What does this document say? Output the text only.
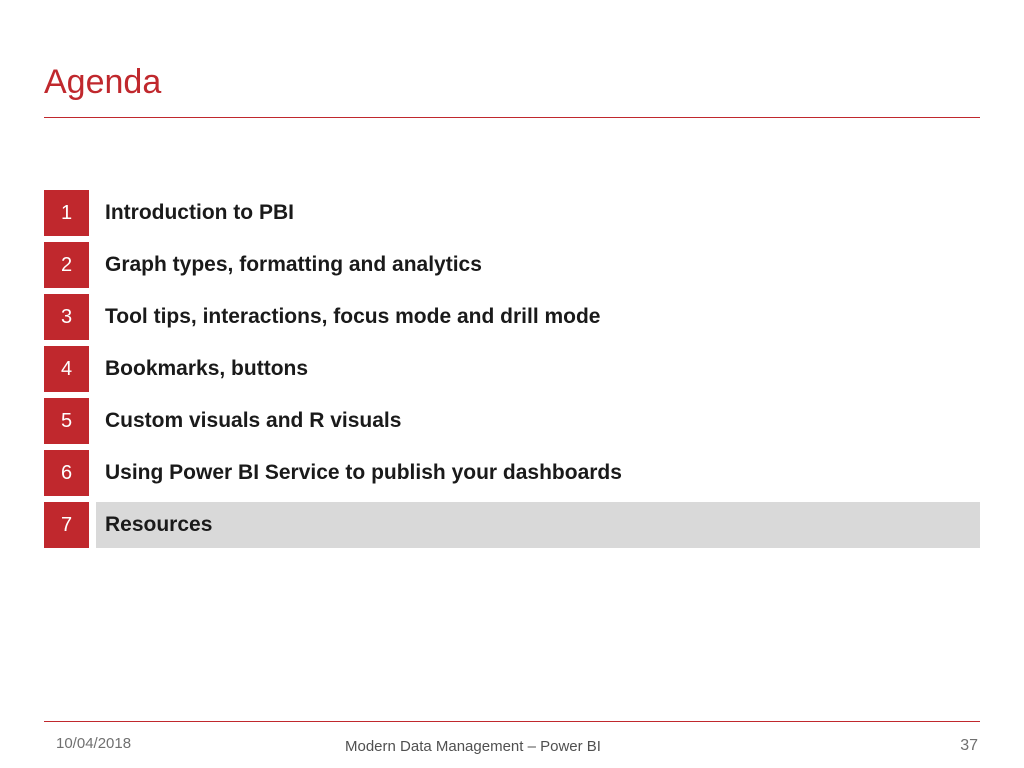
Agenda
1	Introduction to PBI
2	Graph types, formatting and analytics
3	Tool tips, interactions, focus mode and drill mode
4	Bookmarks, buttons
5	Custom visuals and R visuals
6	Using Power BI Service to publish your dashboards
7	Resources
10/04/2018	Modern Data Management – Power BI	37
